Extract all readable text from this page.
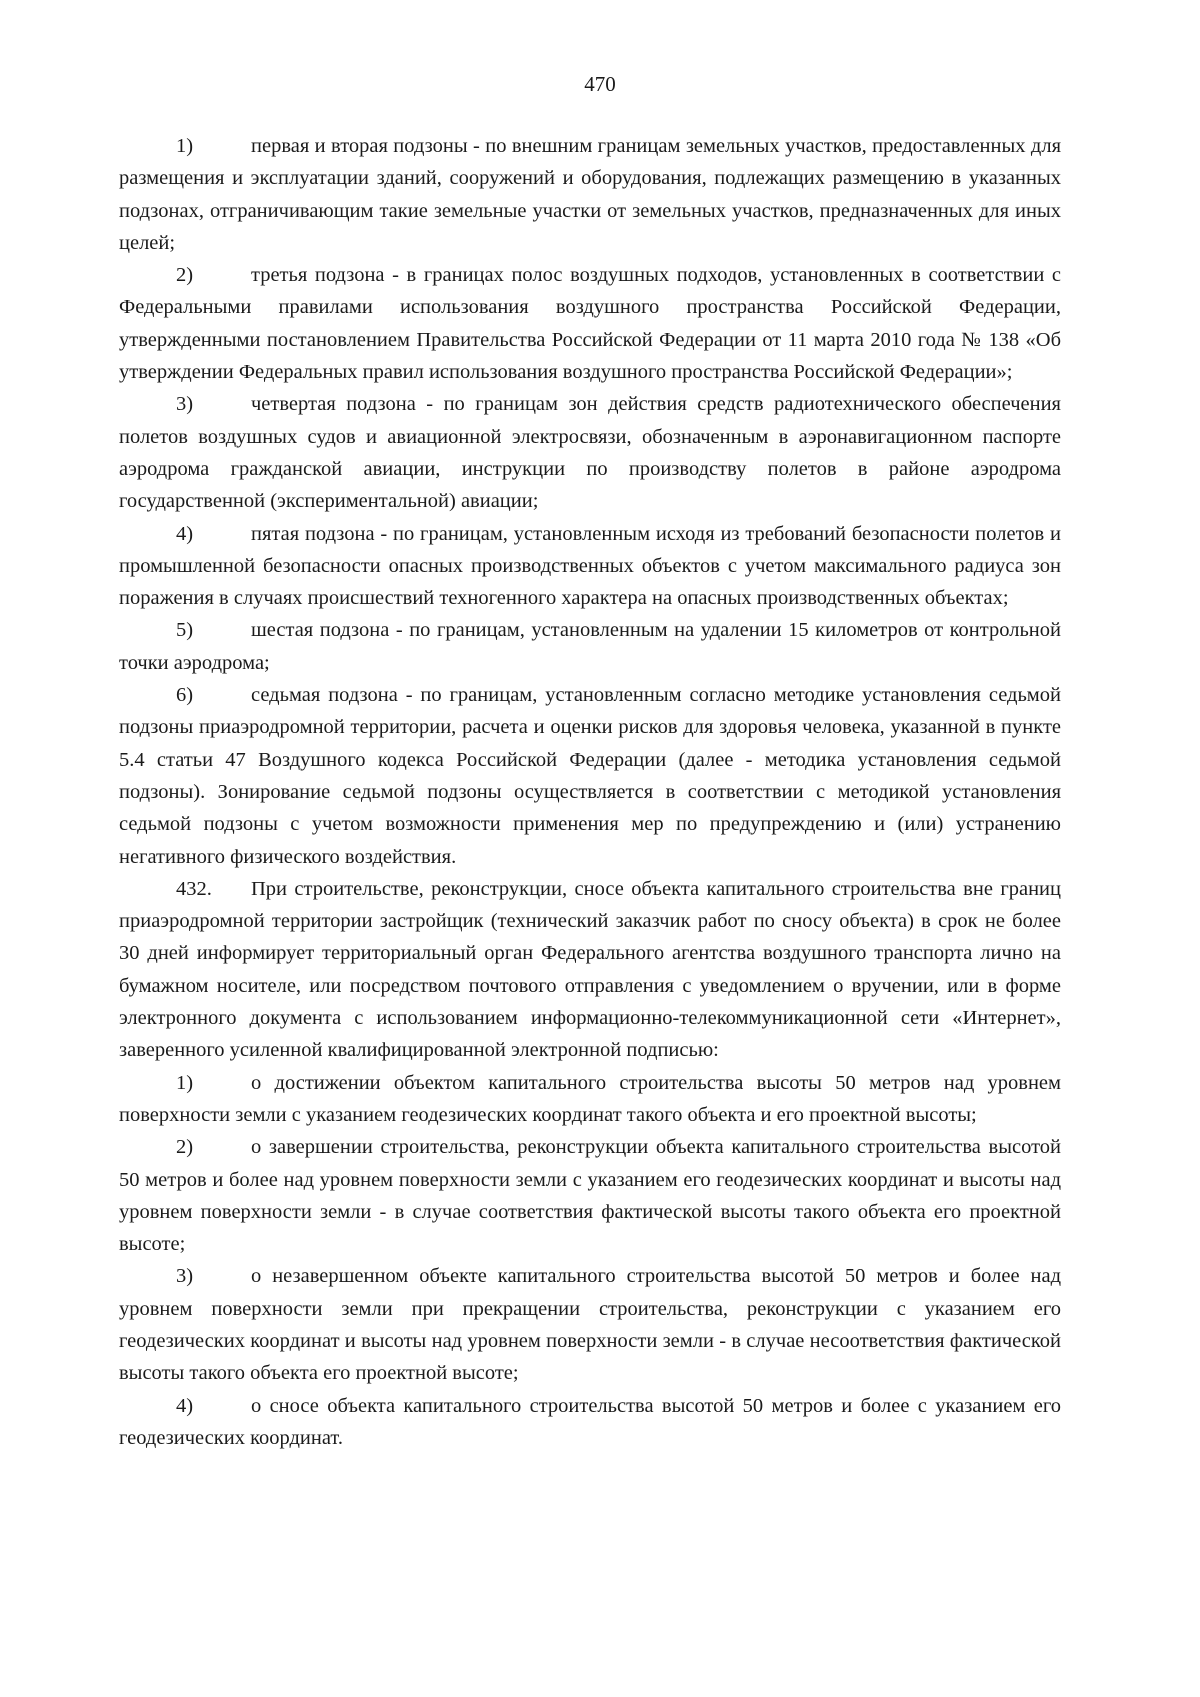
470

1)	первая и вторая подзоны - по внешним границам земельных участков, предоставленных для размещения и эксплуатации зданий, сооружений и оборудования, подлежащих размещению в указанных подзонах, отграничивающим такие земельные участки от земельных участков, предназначенных для иных целей;

2)	третья подзона - в границах полос воздушных подходов, установленных в соответствии с Федеральными правилами использования воздушного пространства Российской Федерации, утвержденными постановлением Правительства Российской Федерации от 11 марта 2010 года № 138 «Об утверждении Федеральных правил использования воздушного пространства Российской Федерации»;

3)	четвертая подзона - по границам зон действия средств радиотехнического обеспечения полетов воздушных судов и авиационной электросвязи, обозначенным в аэронавигационном паспорте аэродрома гражданской авиации, инструкции по производству полетов в районе аэродрома государственной (экспериментальной) авиации;

4)	пятая подзона - по границам, установленным исходя из требований безопасности полетов и промышленной безопасности опасных производственных объектов с учетом максимального радиуса зон поражения в случаях происшествий техногенного характера на опасных производственных объектах;

5)	шестая подзона - по границам, установленным на удалении 15 километров от контрольной точки аэродрома;

6)	седьмая подзона - по границам, установленным согласно методике установления седьмой подзоны приаэродромной территории, расчета и оценки рисков для здоровья человека, указанной в пункте 5.4 статьи 47 Воздушного кодекса Российской Федерации (далее - методика установления седьмой подзоны). Зонирование седьмой подзоны осуществляется в соответствии с методикой установления седьмой подзоны с учетом возможности применения мер по предупреждению и (или) устранению негативного физического воздействия.

432. При строительстве, реконструкции, сносе объекта капитального строительства вне границ приаэродромной территории застройщик (технический заказчик работ по сносу объекта) в срок не более 30 дней информирует территориальный орган Федерального агентства воздушного транспорта лично на бумажном носителе, или посредством почтового отправления с уведомлением о вручении, или в форме электронного документа с использованием информационно-телекоммуникационной сети «Интернет», заверенного усиленной квалифицированной электронной подписью:

1)	о достижении объектом капитального строительства высоты 50 метров над уровнем поверхности земли с указанием геодезических координат такого объекта и его проектной высоты;

2)	о завершении строительства, реконструкции объекта капитального строительства высотой 50 метров и более над уровнем поверхности земли с указанием его геодезических координат и высоты над уровнем поверхности земли - в случае соответствия фактической высоты такого объекта его проектной высоте;

3)	о незавершенном объекте капитального строительства высотой 50 метров и более над уровнем поверхности земли при прекращении строительства, реконструкции с указанием его геодезических координат и высоты над уровнем поверхности земли - в случае несоответствия фактической высоты такого объекта его проектной высоте;

4)	о сносе объекта капитального строительства высотой 50 метров и более с указанием его геодезических координат.
